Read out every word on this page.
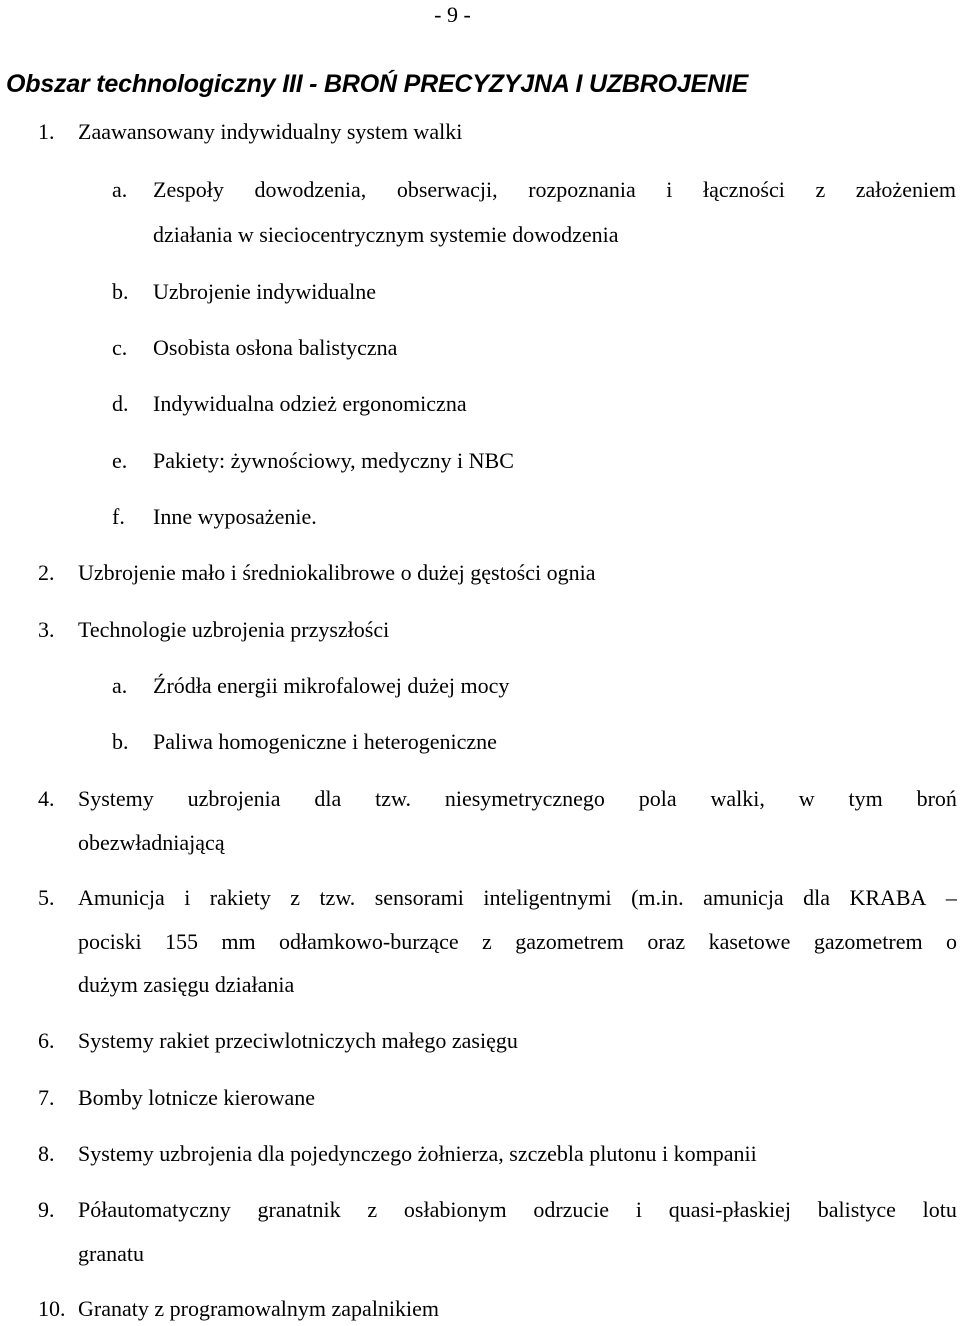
- 9 -
Obszar technologiczny III - BROŃ PRECYZYJNA I UZBROJENIE
1. Zaawansowany indywidualny system walki
a. Zespoły dowodzenia, obserwacji, rozpoznania i łączności z założeniem
działania w sieciocentrycznym systemie dowodzenia
b. Uzbrojenie indywidualne
c. Osobista osłona balistyczna
d. Indywidualna odzież ergonomiczna
e. Pakiety: żywnościowy, medyczny i NBC
f. Inne wyposażenie.
2. Uzbrojenie mało i średniokalibrowe o dużej gęstości ognia
3. Technologie uzbrojenia przyszłości
a. Źródła energii mikrofalowej dużej mocy
b. Paliwa homogeniczne i heterogeniczne
4. Systemy uzbrojenia dla tzw. niesymetrycznego pola walki, w tym broń
obezwładniającą
5. Amunicja i rakiety z tzw. sensorami inteligentnymi (m.in. amunicja dla KRABA –
pociski 155 mm odłamkowo-burzące z gazometrem oraz kasetowe gazometrem o
dużym zasięgu działania
6. Systemy rakiet przeciwlotniczych małego zasięgu
7. Bomby lotnicze kierowane
8. Systemy uzbrojenia dla pojedynczego żołnierza, szczebla plutonu i kompanii
9. Półautomatyczny granatnik z osłabionym odrzucie i quasi-płaskiej balistyce lotu
granatu
10. Granaty z programowalnym zapalnikiem
